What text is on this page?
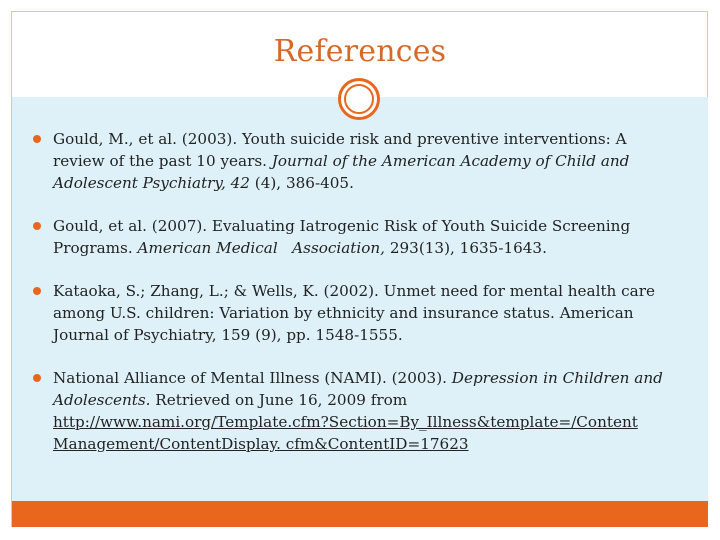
References
Gould, M., et al. (2003). Youth suicide risk and preventive interventions: A review of the past 10 years. Journal of the American Academy of Child and Adolescent Psychiatry, 42 (4), 386-405.
Gould, et al. (2007). Evaluating Iatrogenic Risk of Youth Suicide Screening Programs. American Medical   Association, 293(13), 1635-1643.
Kataoka, S.; Zhang, L.; & Wells, K. (2002). Unmet need for mental health care among U.S. children: Variation by ethnicity and insurance status. American Journal of Psychiatry, 159 (9), pp. 1548-1555.
National Alliance of Mental Illness (NAMI). (2003). Depression in Children and Adolescents. Retrieved on June 16, 2009 from http://www.nami.org/Template.cfm?Section=By_Illness&template=/Content Management/ContentDisplay. cfm&ContentID=17623
